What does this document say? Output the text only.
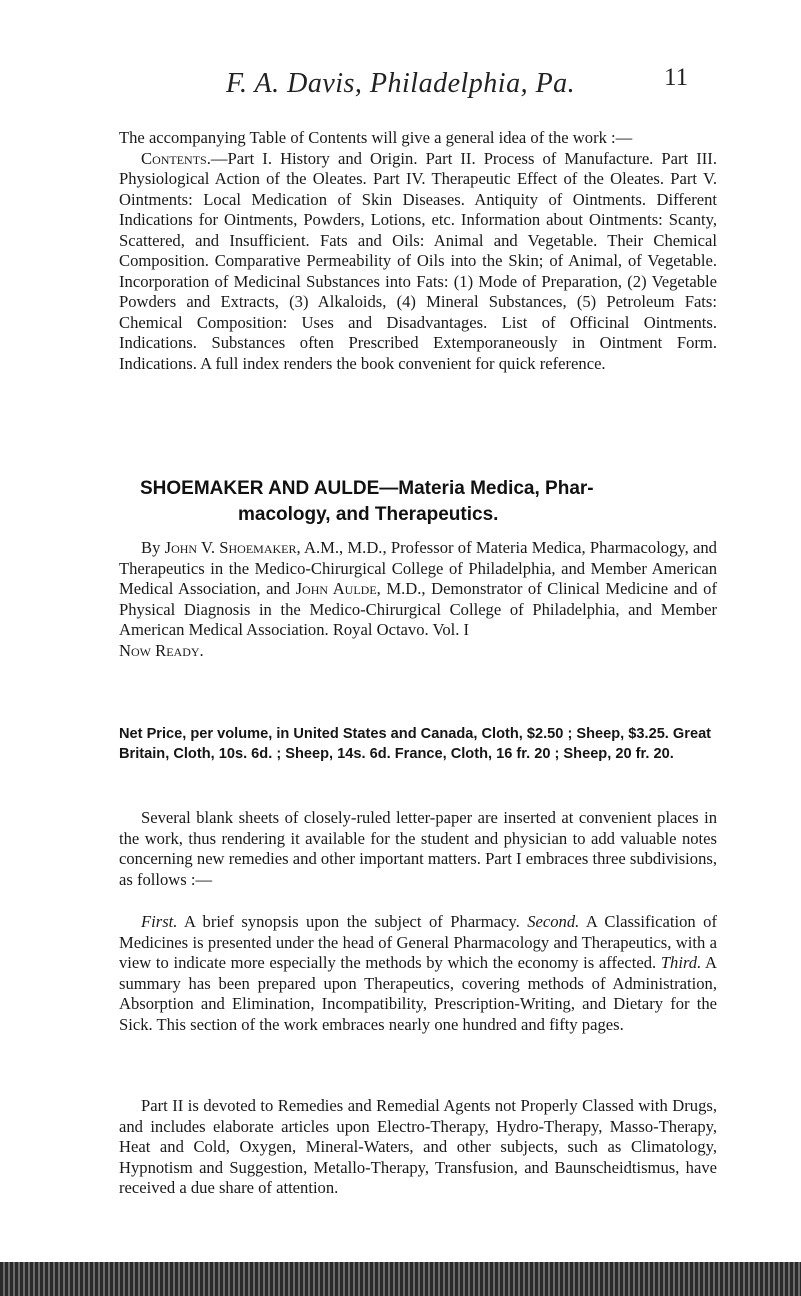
F. A. Davis, Philadelphia, Pa.	11

The accompanying Table of Contents will give a general idea of the work :—
Contents.—Part I. History and Origin. Part II. Process of Manufacture. Part III. Physiological Action of the Oleates. Part IV. Therapeutic Effect of the Oleates. Part V. Ointments: Local Medication of Skin Diseases. Antiquity of Ointments. Different Indications for Ointments, Powders, Lotions, etc. Information about Ointments: Scanty, Scattered, and Insufficient. Fats and Oils: Animal and Vegetable. Their Chemical Composition. Comparative Permeability of Oils into the Skin; of Animal, of Vegetable. Incorporation of Medicinal Substances into Fats: (1) Mode of Preparation, (2) Vegetable Powders and Extracts, (3) Alkaloids, (4) Mineral Substances, (5) Petroleum Fats: Chemical Composition: Uses and Disadvantages. List of Officinal Ointments. Indications. Substances often Prescribed Extemporaneously in Ointment Form. Indications. A full index renders the book convenient for quick reference.

SHOEMAKER AND AULDE—Materia Medica, Phar-
macology, and Therapeutics.

By John V. Shoemaker, A.M., M.D., Professor of Materia Medica, Pharmacology, and Therapeutics in the Medico-Chirurgical College of Philadelphia, and Member American Medical Association, and John Aulde, M.D., Demonstrator of Clinical Medicine and of Physical Diagnosis in the Medico-Chirurgical College of Philadelphia, and Member American Medical Association. Royal Octavo. Vol. I
Now Ready.

Net Price, per volume, in United States and Canada, Cloth, $2.50 ; Sheep, $3.25. Great Britain, Cloth, 10s. 6d. ; Sheep, 14s. 6d. France, Cloth, 16 fr. 20 ; Sheep, 20 fr. 20.

Several blank sheets of closely-ruled letter-paper are inserted at convenient places in the work, thus rendering it available for the student and physician to add valuable notes concerning new remedies and other important matters. Part I embraces three subdivisions, as follows :—

First. A brief synopsis upon the subject of Pharmacy. Second. A Classification of Medicines is presented under the head of General Pharmacology and Therapeutics, with a view to indicate more especially the methods by which the economy is affected. Third. A summary has been prepared upon Therapeutics, covering methods of Administration, Absorption and Elimination, Incompatibility, Prescription-Writing, and Dietary for the Sick. This section of the work embraces nearly one hundred and fifty pages.

Part II is devoted to Remedies and Remedial Agents not Properly Classed with Drugs, and includes elaborate articles upon Electro-Therapy, Hydro-Therapy, Masso-Therapy, Heat and Cold, Oxygen, Mineral-Waters, and other subjects, such as Climatology, Hypnotism and Suggestion, Metallo-Therapy, Transfusion, and Baunscheidtismus, have received a due share of attention.
